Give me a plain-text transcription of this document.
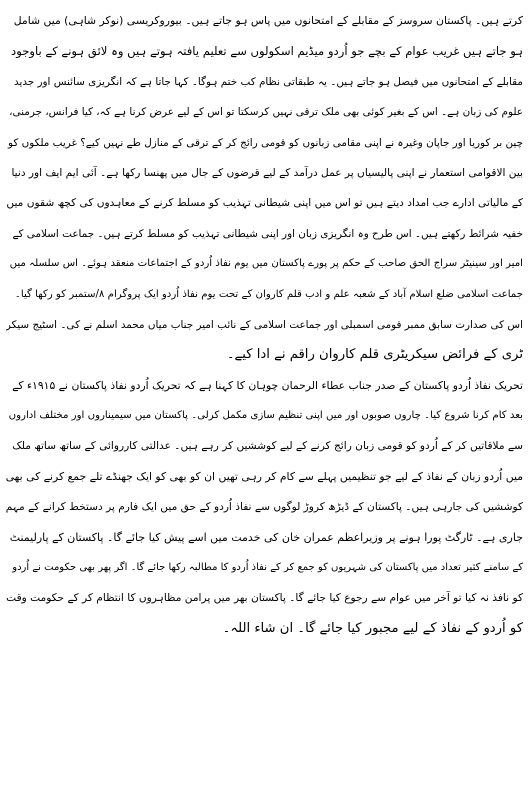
کرتے ہیں۔ پاکستان سروسز کے مقابلے کے امتحانوں میں پاس ہو جاتے ہیں۔ بیوروکریسی (نوکر شاہی) میں شامل
ہو جاتے ہیں غریب عوام کے بچے جو اُردو میڈیم اسکولوں سے تعلیم یافتہ ہوتے ہیں وہ لائق ہونے کے باوجود
مقابلے کے امتحانوں میں فیصل ہو جاتے ہیں۔ یہ طبقاتی نظام کب ختم ہوگا۔ کہا جاتا ہے کہ انگریزی سائنس اور جدید
علوم کی زبان ہے۔ اس کے بغیر کوئی بھی ملک ترقی نہیں کرسکتا تو اس کے لیے عرض کرنا ہے کہ، کیا فرانس، جرمنی،
چین بر کوریا اور جاپان وغیرہ نے اپنی مقامی زبانوں کو قومی رائج کر کے ترقی کے منازل طے نہیں کیے؟ غریب ملکوں کو
بین الاقوامی استعمار نے اپنی پالیسیاں پر عمل درآمد کے لیے قرضوں کے جال میں پھنسا رکھا ہے۔ آئی ایم ایف اور دنیا
کے مالیاتی ادارے جب امداد دیتے ہیں تو اس میں اپنی شیطانی تہذیب کو مسلط کرنے کے معاہدوں کی کچھ شقوں میں
خفیہ شرائط رکھتے ہیں۔ اس طرح وہ انگریزی زبان اور اپنی شیطانی تہذیب کو مسلط کرتے ہیں۔ جماعت اسلامی کے
امیر اور سینیٹر سراج الحق صاحب کے حکم پر پورے پاکستان میں یوم نفاذ اُردو کے اجتماعات منعقد ہوئے۔ اس سلسلہ میں
جماعت اسلامی ضلع اسلام آباد کے شعبہ علم و ادب قلم کاروان کے تحت یوم نفاذ اُردو ایک پروگرام ۸/ستمبر کو رکھا گیا۔
اس کی صدارت سابق ممبر قومی اسمبلی اور جماعت اسلامی کے نائب امیر جناب میاں محمد اسلم نے کی۔ اسٹیج سیکر
ٹری کے فرائض سیکریٹری قلم کاروان راقم نے ادا کیے۔
تحریک نفاذ اُردو پاکستان کے صدر جناب عطاء الرحمان چوہان کا کہنا ہے کہ تحریک اُردو نفاذ پاکستان نے ۱۹۱۵ء کے
بعد کام کرنا شروع کیا۔ چاروں صوبوں اور میں اپنی تنظیم سازی مکمل کرلی۔ پاکستان میں سیمیناروں اور مختلف اداروں
سے ملاقاتیں کر کے اُردو کو قومی زبان رائج کرنے کے لیے کوششیں کر رہے ہیں۔ عدالتی کارروائی کے ساتھ ساتھ ملک
میں اُردو زبان کے نفاذ کے لیے جو تنظیمیں پہلے سے کام کر رہی تھیں ان کو بھی کو ایک جھنڈے تلے جمع کرنے کی بھی
کوششیں کی جارہی ہیں۔ پاکستان کے ڈیڑھ کروڑ لوگوں سے نفاذ اُردو کے حق میں ایک فارم پر دستخط کرانے کے مہم
جاری ہے۔ ٹارگٹ پورا ہونے پر وزیراعظم عمران خان کی خدمت میں اسے پیش کیا جائے گا۔ پاکستان کے پارلیمنٹ
کے سامنے کثیر تعداد میں پاکستان کی شہریوں کو جمع کر کے نفاذ اُردو کا مطالبہ رکھا جائے گا۔ اگر پھر بھی حکومت نے اُردو
کو نافذ نہ کیا تو آخر میں عوام سے رجوع کیا جائے گا۔ پاکستان بھر میں پرامن مظاہروں کا انتظام کر کے حکومت وقت
کو اُردو کے نفاذ کے لیے مجبور کیا جائے گا۔ ان شاء اللہ۔
